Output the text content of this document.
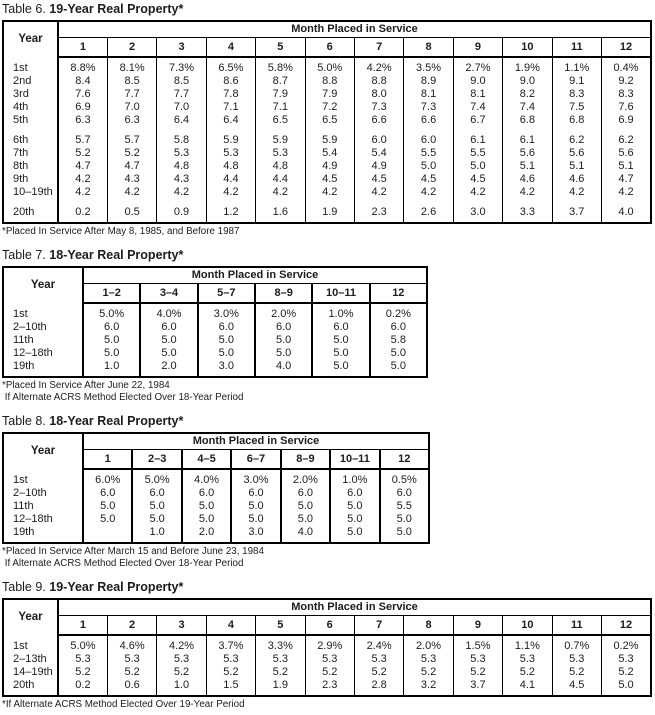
Table 6. 19-Year Real Property*
Year	Month Placed in Service											
	1	2	3	4	5	6	7	8	9	10	11	12
1st	8.8%	8.1%	7.3%	6.5%	5.8%	5.0%	4.2%	3.5%	2.7%	1.9%	1.1%	0.4%
2nd	8.4	8.5	8.5	8.6	8.7	8.8	8.8	8.9	9.0	9.0	9.1	9.2
3rd	7.6	7.7	7.7	7.8	7.9	7.9	8.0	8.1	8.1	8.2	8.3	8.3
4th	6.9	7.0	7.0	7.1	7.1	7.2	7.3	7.3	7.4	7.4	7.5	7.6
5th	6.3	6.3	6.4	6.4	6.5	6.5	6.6	6.6	6.7	6.8	6.8	6.9

6th	5.7	5.7	5.8	5.9	5.9	5.9	6.0	6.0	6.1	6.1	6.2	6.2
7th	5.2	5.2	5.3	5.3	5.3	5.4	5.4	5.5	5.5	5.6	5.6	5.6
8th	4.7	4.7	4.8	4.8	4.8	4.9	4.9	5.0	5.0	5.1	5.1	5.1
9th	4.2	4.3	4.3	4.4	4.4	4.5	4.5	4.5	4.5	4.6	4.6	4.7
10–19th	4.2	4.2	4.2	4.2	4.2	4.2	4.2	4.2	4.2	4.2	4.2	4.2

20th	0.2	0.5	0.9	1.2	1.6	1.9	2.3	2.6	3.0	3.3	3.7	4.0
*Placed In Service After May 8, 1985, and Before 1987
Table 7. 18-Year Real Property*
Year	Month Placed in Service					
	1–2	3–4	5–7	8–9	10–11	12
1st	5.0%	4.0%	3.0%	2.0%	1.0%	0.2%
2–10th	6.0	6.0	6.0	6.0	6.0	6.0
11th	5.0	5.0	5.0	5.0	5.0	5.8
12–18th	5.0	5.0	5.0	5.0	5.0	5.0
19th	1.0	2.0	3.0	4.0	5.0	5.0
*Placed In Service After June 22, 1984
If Alternate ACRS Method Elected Over 18-Year Period
Table 8. 18-Year Real Property*
Year	Month Placed in Service						
	1	2–3	4–5	6–7	8–9	10–11	12
1st	6.0%	5.0%	4.0%	3.0%	2.0%	1.0%	0.5%
2–10th	6.0	6.0	6.0	6.0	6.0	6.0	6.0
11th	5.0	5.0	5.0	5.0	5.0	5.0	5.5
12–18th	5.0	5.0	5.0	5.0	5.0	5.0	5.0
19th		1.0	2.0	3.0	4.0	5.0	5.0
*Placed In Service After March 15 and Before June 23, 1984
If Alternate ACRS Method Elected Over 18-Year Period
Table 9. 19-Year Real Property*
Year	Month Placed in Service											
	1	2	3	4	5	6	7	8	9	10	11	12
1st	5.0%	4.6%	4.2%	3.7%	3.3%	2.9%	2.4%	2.0%	1.5%	1.1%	0.7%	0.2%
2–13th	5.3	5.3	5.3	5.3	5.3	5.3	5.3	5.3	5.3	5.3	5.3	5.3
14–19th	5.2	5.2	5.2	5.2	5.2	5.2	5.2	5.2	5.2	5.2	5.2	5.2
20th	0.2	0.6	1.0	1.5	1.9	2.3	2.8	3.2	3.7	4.1	4.5	5.0
*If Alternate ACRS Method Elected Over 19-Year Period
